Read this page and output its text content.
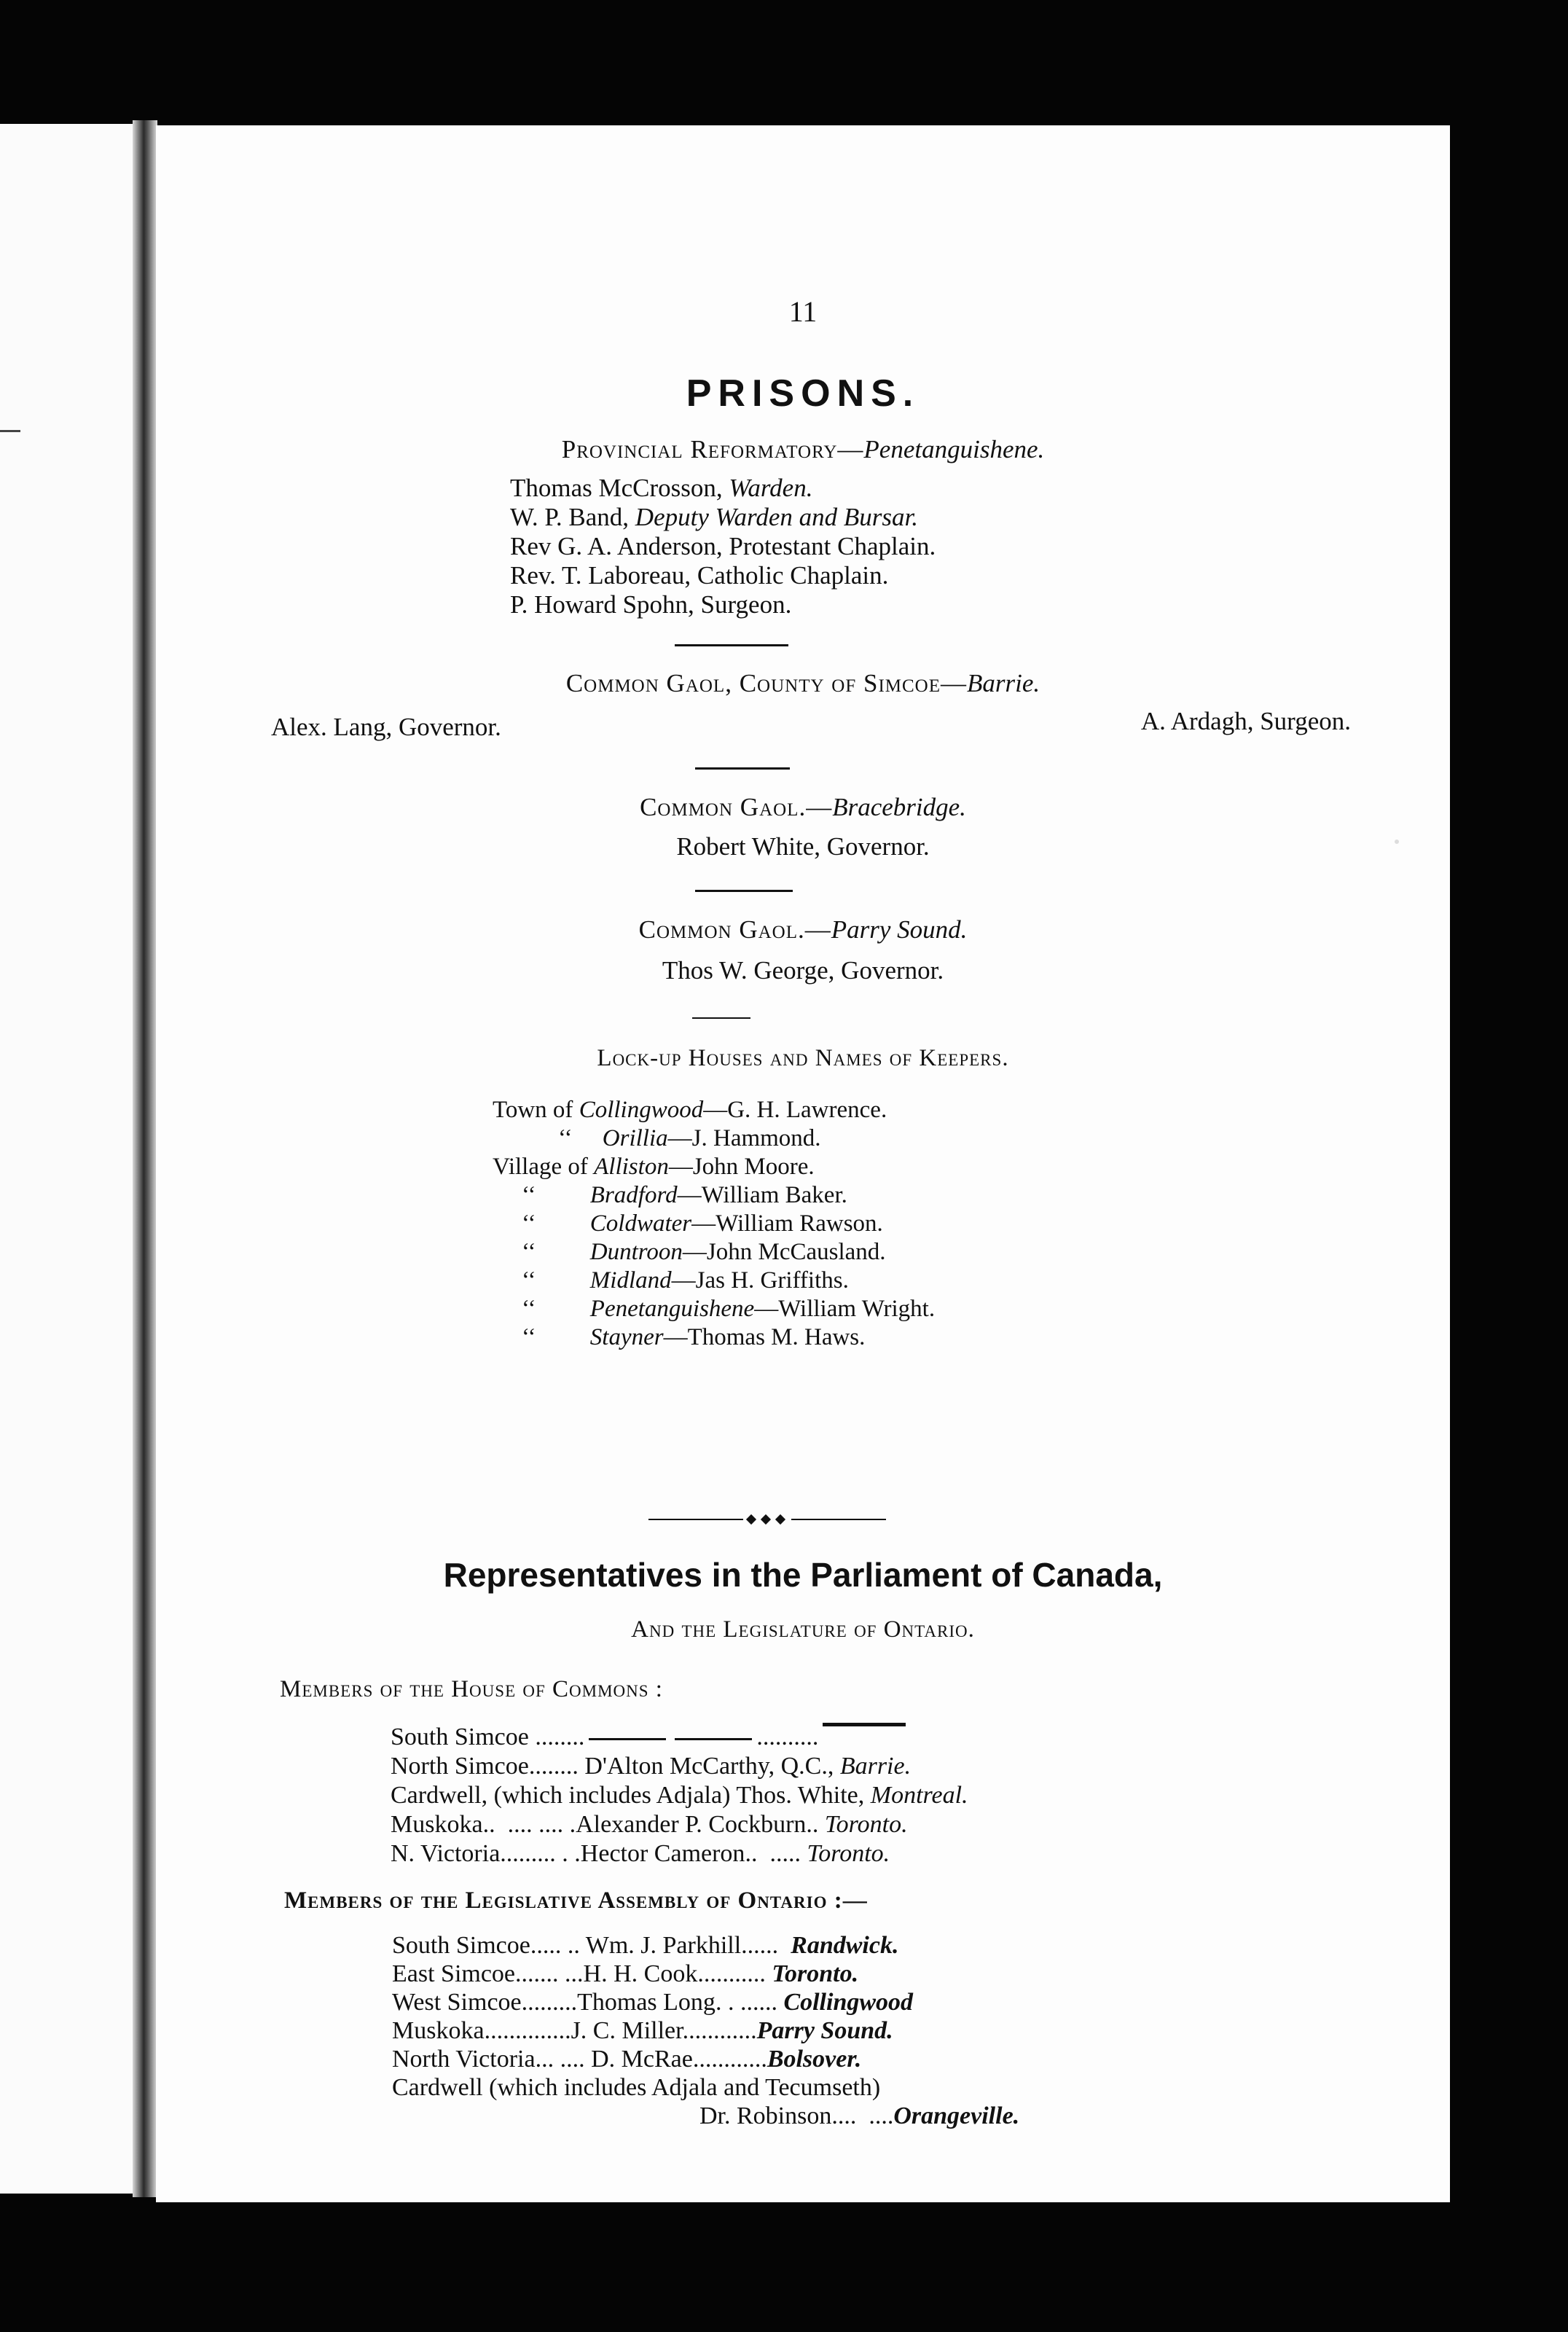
11
PRISONS.
Provincial Reformatory—Penetanguishene.
Thomas McCrosson, Warden.
W. P. Band, Deputy Warden and Bursar.
Rev G. A. Anderson, Protestant Chaplain.
Rev. T. Laboreau, Catholic Chaplain.
P. Howard Spohn, Surgeon.
Common Gaol, County of Simcoe—Barrie.
Alex. Lang, Governor.	A. Ardagh, Surgeon.
Common Gaol.—Bracebridge.
Robert White, Governor.
Common Gaol.—Parry Sound.
Thos W. George, Governor.
Lock-up Houses and Names of Keepers.
Town of Collingwood—G. H. Lawrence.
‘‘ Orillia—J. Hammond.
Village of Alliston—John Moore.
‘‘ Bradford—William Baker.
‘‘ Coldwater—William Rawson.
‘‘ Duntroon—John McCausland.
‘‘ Midland—Jas H. Griffiths.
‘‘ Penetanguishene—William Wright.
‘‘ Stayner—Thomas M. Haws.
Representatives in the Parliament of Canada,
And the Legislature of Ontario.
Members of the House of Commons :
South Simcoe ........	..........
North Simcoe........ D'Alton McCarthy, Q.C., Barrie.
Cardwell, (which includes Adjala) Thos. White, Montreal.
Muskoka..  .... .... .Alexander P. Cockburn.. Toronto.
N. Victoria......... . .Hector Cameron..  ..... Toronto.
Members of the Legislative Assembly of Ontario :—
South Simcoe..... .. Wm. J. Parkhill......  Randwick.
East Simcoe....... ...H. H. Cook........... Toronto.
West Simcoe.........Thomas Long. . ...... Collingwood
Muskoka..............J. C. Miller............Parry Sound.
North Victoria... .... D. McRae............Bolsover.
Cardwell (which includes Adjala and Tecumseth)
Dr. Robinson....  ....Orangeville.
